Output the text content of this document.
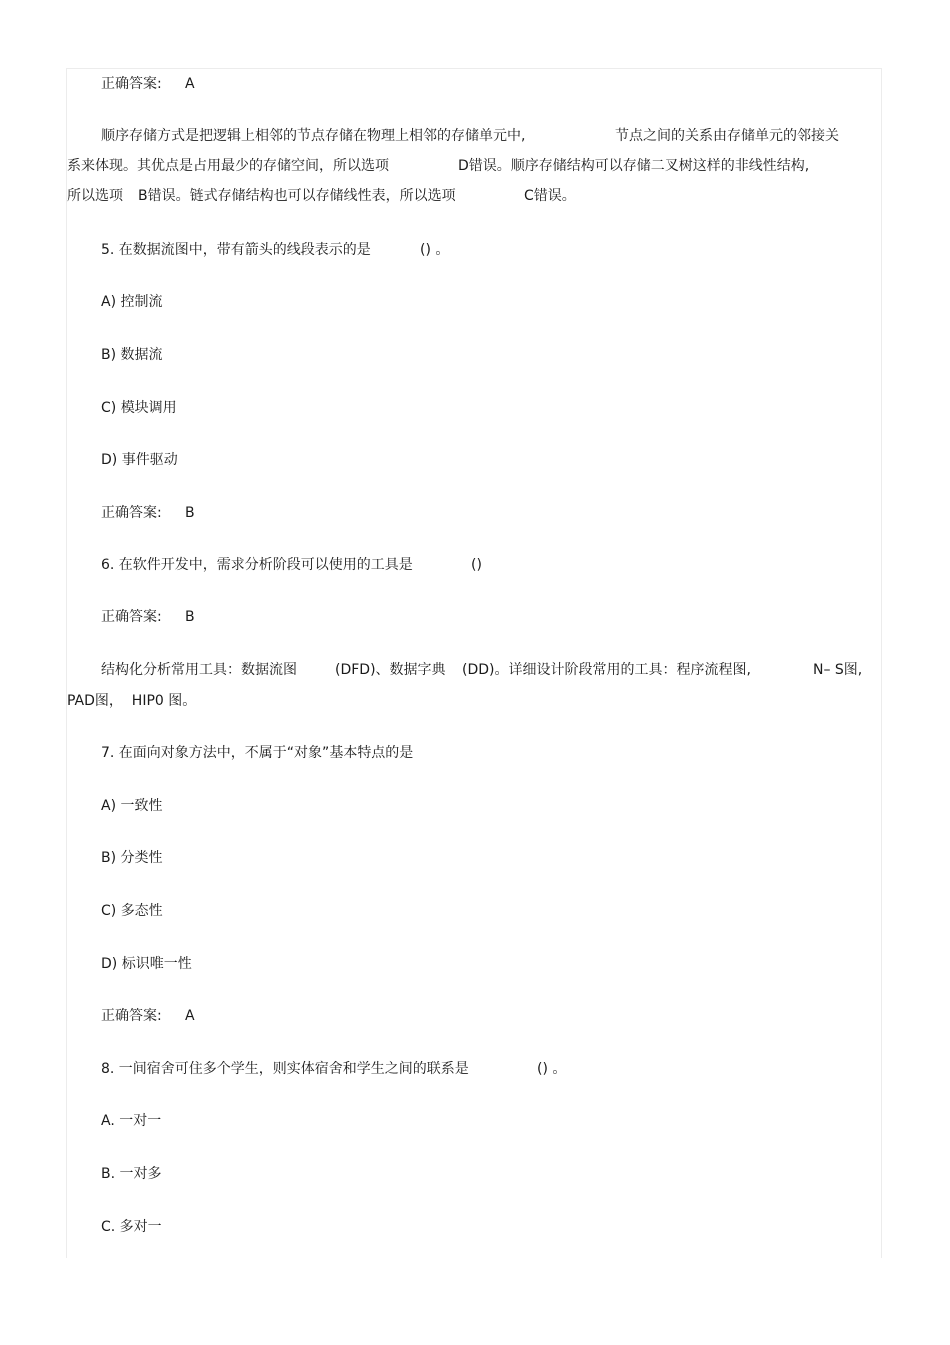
正确答案: A
顺序存储方式是把逻辑上相邻的节点存储在物理上相邻的存储单元中,	节点之间的关系由存储单元的邻接关
系来体现。其优点是占用最少的存储空间，所以选项	D错误。顺序存储结构可以存储二叉树这样的非线性结构,
所以选项 B错误。链式存储结构也可以存储线性表，所以选项	C错误。
5. 在数据流图中，带有箭头的线段表示的是	() 。
A) 控制流
B) 数据流
C) 模块调用
D) 事件驱动
正确答案: B
6. 在软件开发中，需求分析阶段可以使用的工具是	()
正确答案: B
结构化分析常用工具：数据流图	(DFD)、数据字典 (DD)。详细设计阶段常用的工具：程序流程图,	N– S图,
PAD图，  HIP0 图。
7. 在面向对象方法中，不属于“对象”基本特点的是
A) 一致性
B) 分类性
C) 多态性
D) 标识唯一性
正确答案: A
8. 一间宿舍可住多个学生，则实体宿舍和学生之间的联系是	() 。
A. 一对一
B. 一对多
C. 多对一
